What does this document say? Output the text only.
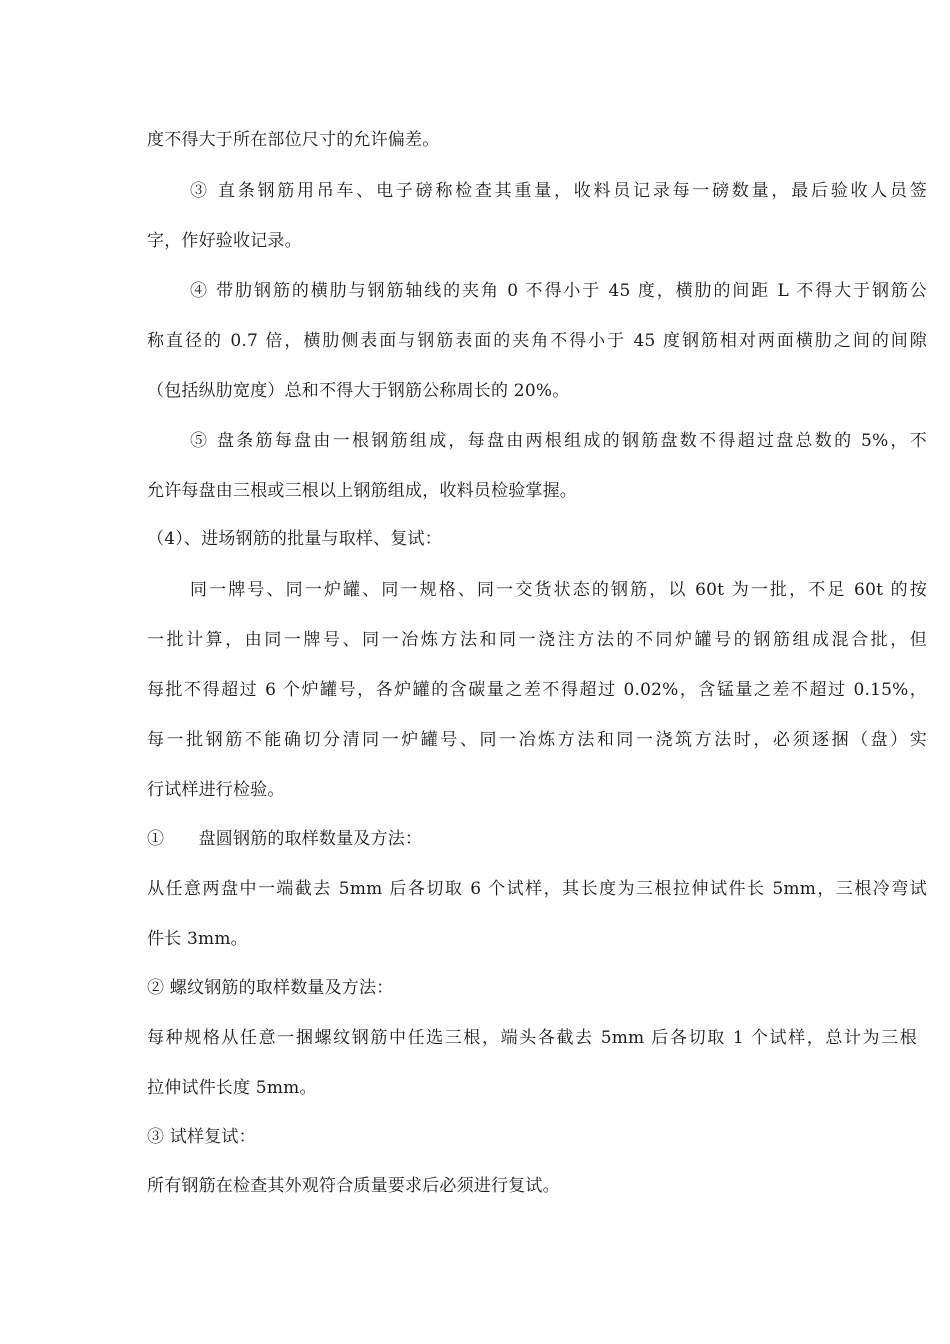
度不得大于所在部位尺寸的允许偏差。
③ 直条钢筋用吊车、电子磅称检查其重量，收料员记录每一磅数量，最后验收人员签
字，作好验收记录。
④ 带肋钢筋的横肋与钢筋轴线的夹角 0 不得小于 45 度，横肋的间距 L 不得大于钢筋公
称直径的 0.7 倍，横肋侧表面与钢筋表面的夹角不得小于 45 度钢筋相对两面横肋之间的间隙
（包括纵肋宽度）总和不得大于钢筋公称周长的 20%。
⑤ 盘条筋每盘由一根钢筋组成，每盘由两根组成的钢筋盘数不得超过盘总数的 5%，不
允许每盘由三根或三根以上钢筋组成，收料员检验掌握。
（4）、进场钢筋的批量与取样、复试：
同一牌号、同一炉罐、同一规格、同一交货状态的钢筋，以 60t 为一批，不足 60t 的按
一批计算，由同一牌号、同一冶炼方法和同一浇注方法的不同炉罐号的钢筋组成混合批，但
每批不得超过 6 个炉罐号，各炉罐的含碳量之差不得超过 0.02%，含锰量之差不超过 0.15%，
每一批钢筋不能确切分清同一炉罐号、同一冶炼方法和同一浇筑方法时，必须逐捆（盘）实
行试样进行检验。
①　　盘圆钢筋的取样数量及方法：
从任意两盘中一端截去 5mm 后各切取 6 个试样，其长度为三根拉伸试件长 5mm，三根冷弯试
件长 3mm。
② 螺纹钢筋的取样数量及方法：
每种规格从任意一捆螺纹钢筋中任选三根，端头各截去 5mm 后各切取 1 个试样，总计为三根
拉伸试件长度 5mm。
③ 试样复试：
所有钢筋在检查其外观符合质量要求后必须进行复试。
